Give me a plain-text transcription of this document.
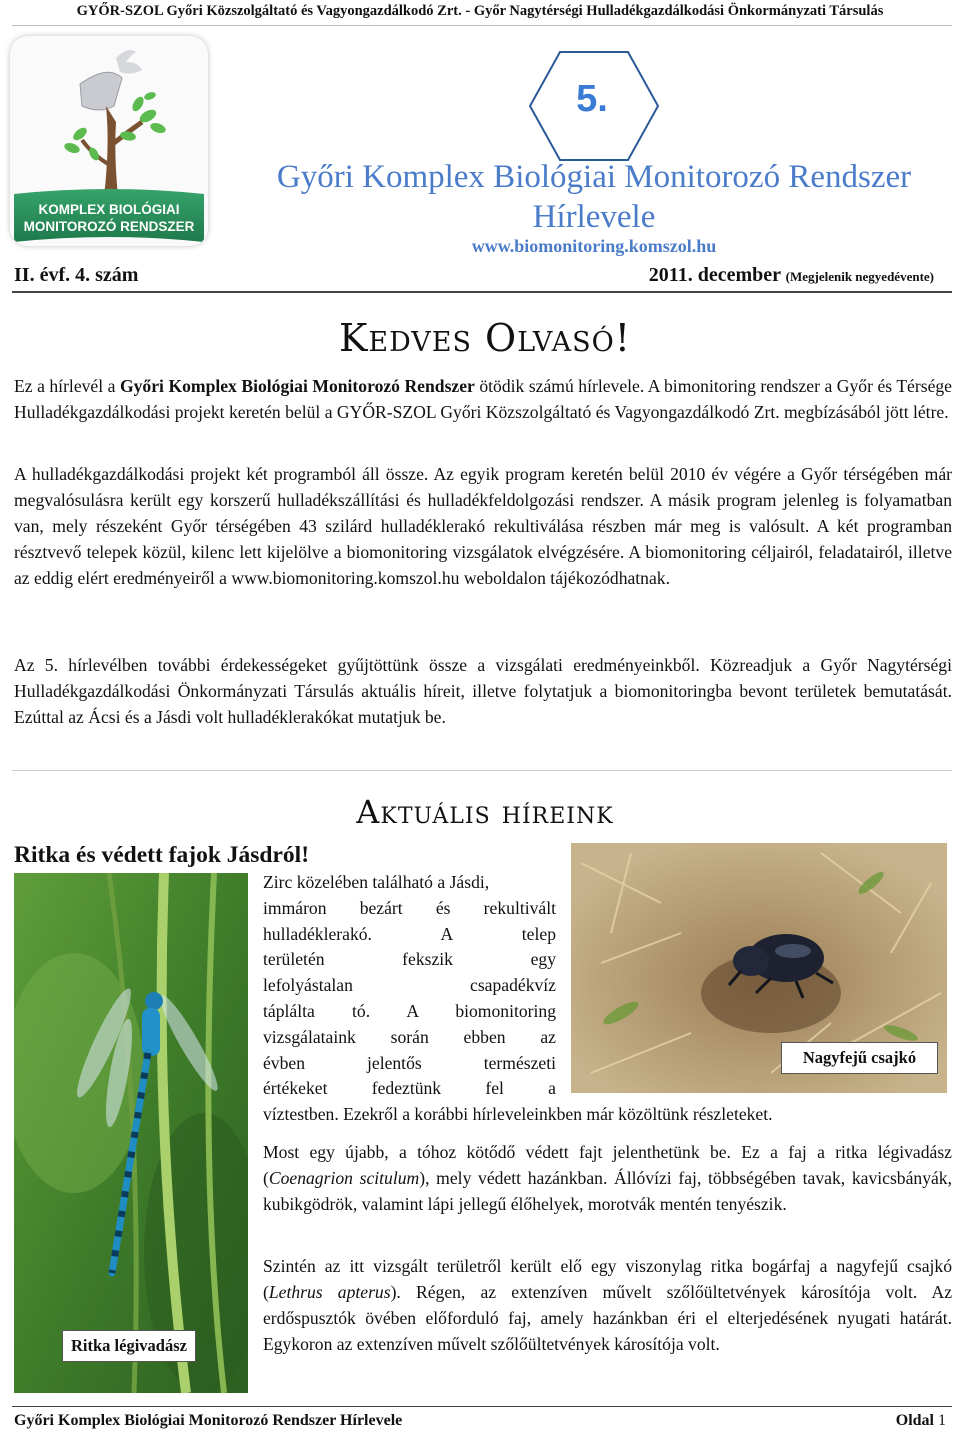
GYŐR-SZOL Győri Közszolgáltató és Vagyongazdálkodó Zrt. - Győr Nagytérségi Hulladékgazdálkodási Önkormányzati Társulás
KOMPLEX BIOLÓGIAI
MONITOROZÓ RENDSZER
5.
Győri Komplex Biológiai Monitorozó Rendszer
Hírlevele
www.biomonitoring.komszol.hu
II. évf. 4. szám	2011. december (Megjelenik negyedévente)
Kedves Olvasó!
Ez a hírlevél a Győri Komplex Biológiai Monitorozó Rendszer ötödik számú hírlevele. A bimonitoring rendszer a Győr és Térsége Hulladékgazdálkodási projekt keretén belül a GYŐR-SZOL Győri Közszolgáltató és Vagyongazdálkodó Zrt. megbízásából jött létre.
A hulladékgazdálkodási projekt két programból áll össze. Az egyik program keretén belül 2010 év végére a Győr térségében már megvalósulásra került egy korszerű hulladékszállítási és hulladékfeldolgozási rendszer. A másik program jelenleg is folyamatban van, mely részeként Győr térségében 43 szilárd hulladéklerakó rekultiválása részben már meg is valósult. A két programban résztvevő telepek közül, kilenc lett kijelölve a biomonitoring vizsgálatok elvégzésére. A biomonitoring céljairól, feladatairól, illetve az eddig elért eredményeiről a www.biomonitoring.komszol.hu weboldalon tájékozódhatnak.
Az 5. hírlevélben további érdekességeket gyűjtöttünk össze a vizsgálati eredményeinkből. Közreadjuk a Győr Nagytérségi Hulladékgazdálkodási Önkormányzati Társulás aktuális híreit, illetve folytatjuk a biomonitoringba bevont területek bemutatását. Ezúttal az Ácsi és a Jásdi volt hulladéklerakókat mutatjuk be.
Aktuális híreink
Ritka és védett fajok Jásdról!
Ritka légivadász
Zirc közelében található a Jásdi,
immáron bezárt és rekultivált
hulladéklerakó. A telep
területén fekszik egy
lefolyástalan csapadékvíz
táplálta tó. A biomonitoring
vizsgálataink során ebben az
évben jelentős természeti
értékeket fedeztünk fel a
Nagyfejű csajkó
víztestben. Ezekről a korábbi hírleveleinkben már közöltünk részleteket.
Most egy újabb, a tóhoz kötődő védett fajt jelenthetünk be. Ez a faj a ritka légivadász (Coenagrion scitulum), mely védett hazánkban. Állóvízi faj, többségében tavak, kavicsbányák, kubikgödrök, valamint lápi jellegű élőhelyek, morotvák mentén tenyészik.
Szintén az itt vizsgált területről került elő egy viszonylag ritka bogárfaj a nagyfejű csajkó (Lethrus apterus). Régen, az extenzíven művelt szőlőültetvények károsítója volt. Az erdőspusztók övében előforduló faj, amely hazánkban éri el elterjedésének nyugati határát. Egykoron az extenzíven művelt szőlőültetvények károsítója volt.
Győri Komplex Biológiai Monitorozó Rendszer Hírlevele	Oldal 1
